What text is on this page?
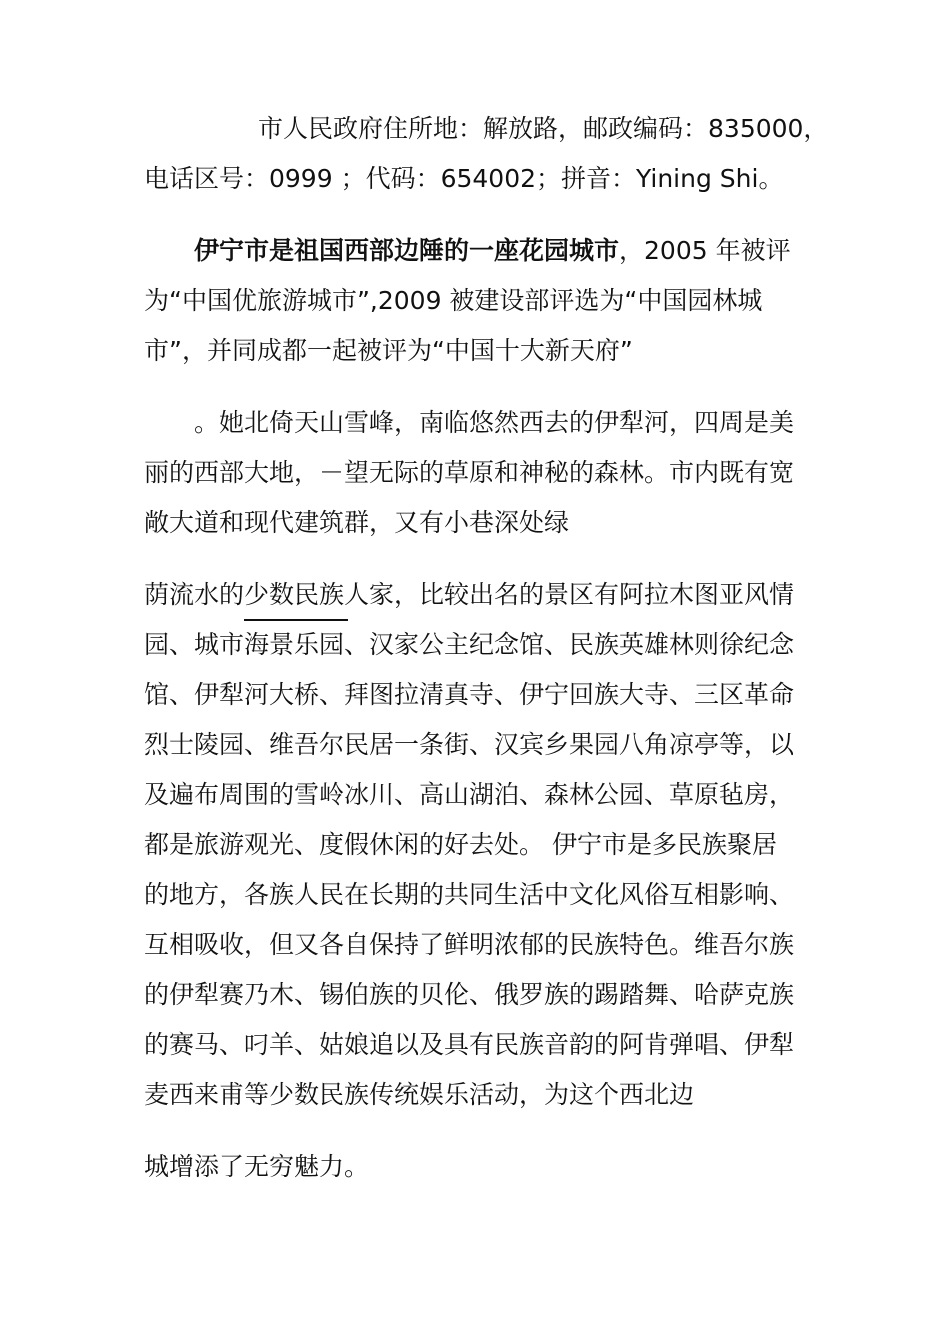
市人民政府住所地：解放路，邮政编码：835000，
电话区号：0999 ；代码：654002；拼音：Yining Shi。
伊宁市是祖国西部边陲的一座花园城市，2005 年被评
为“中国优旅游城市”,2009 被建设部评选为“中国园林城
市”，并同成都一起被评为“中国十大新天府”
。她北倚天山雪峰，南临悠然西去的伊犁河，四周是美
丽的西部大地，－望无际的草原和神秘的森林。市内既有宽
敞大道和现代建筑群，又有小巷深处绿
荫流水的少数民族人家，比较出名的景区有阿拉木图亚风情
园、城市海景乐园、汉家公主纪念馆、民族英雄林则徐纪念
馆、伊犁河大桥、拜图拉清真寺、伊宁回族大寺、三区革命
烈士陵园、维吾尔民居一条街、汉宾乡果园八角凉亭等，以
及遍布周围的雪岭冰川、高山湖泊、森林公园、草原毡房，
都是旅游观光、度假休闲的好去处。 伊宁市是多民族聚居
的地方，各族人民在长期的共同生活中文化风俗互相影响、
互相吸收，但又各自保持了鲜明浓郁的民族特色。维吾尔族
的伊犁赛乃木、锡伯族的贝伦、俄罗族的踢踏舞、哈萨克族
的赛马、叼羊、姑娘追以及具有民族音韵的阿肯弹唱、伊犁
麦西来甫等少数民族传统娱乐活动，为这个西北边
城增添了无穷魅力。
